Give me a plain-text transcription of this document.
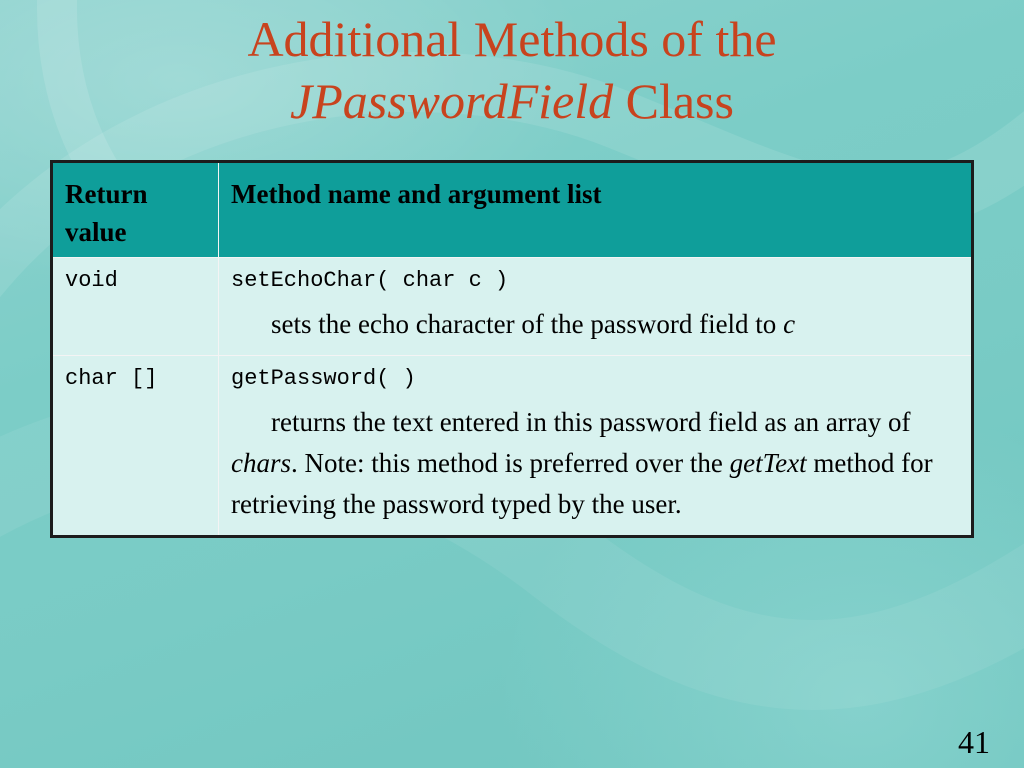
Additional Methods of the
JPasswordField Class
Return value	Method name and argument list
void	setEchoChar( char c )
sets the echo character of the password field to c

char []	getPassword( )
returns the text entered in this password field as an array of chars. Note: this method is preferred over the getText method for retrieving the password typed by the user.
41
